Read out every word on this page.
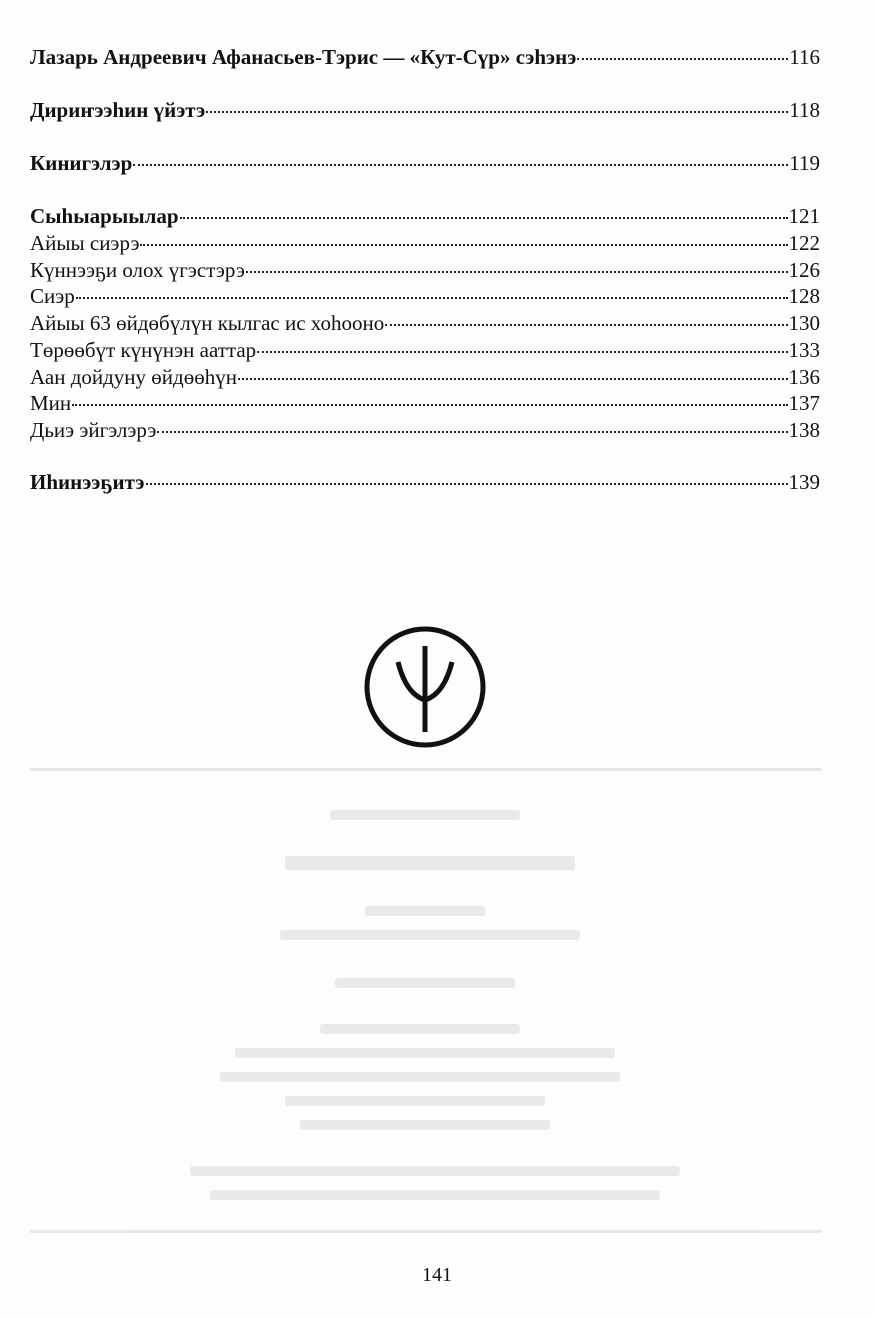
Лазарь Андреевич Афанасьев-Тэрис — «Кут-Сүр» сэһэнэ	116
Дириҥээһин үйэтэ	118
Кинигэлэр	119
Сыһыарыылар	121
Айыы сиэрэ	122
Күннээҕи олох үгэстэрэ	126
Сиэр	128
Айыы 63 өйдөбүлүн кылгас ис хоһооно	130
Төрөөбүт күнүнэн ааттар	133
Аан дойдуну өйдөөһүн	136
Мин	137
Дьиэ эйгэлэрэ	138
Иһинээҕитэ	139
141
